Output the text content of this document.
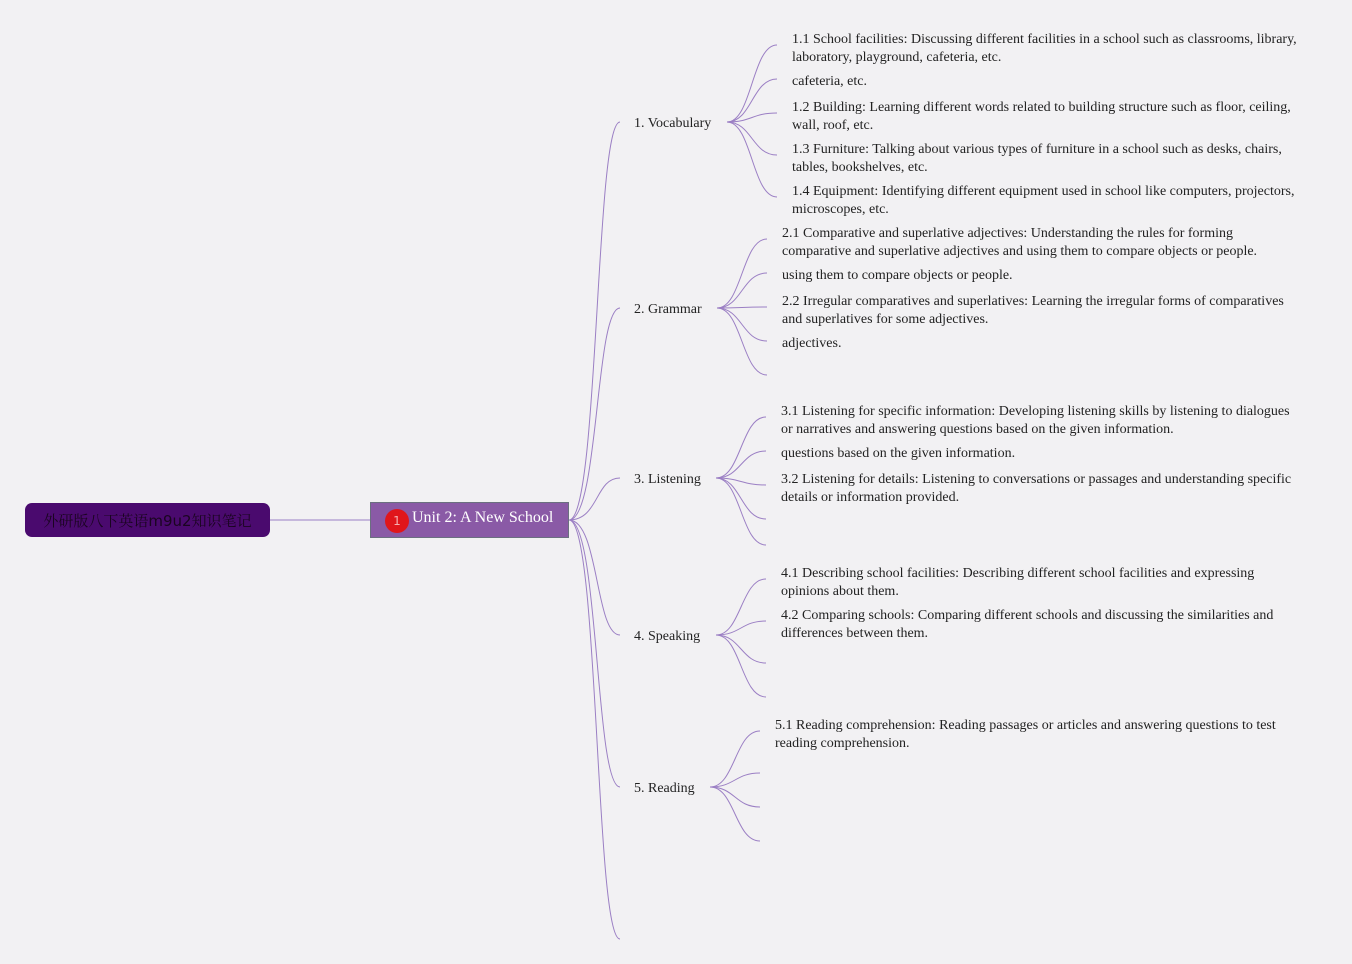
外研版八下英语m9u2知识笔记	1 Unit 2: A New School
1. Vocabulary
1.1 School facilities: Discussing different facilities in a school such as classrooms, library, laboratory, playground, cafeteria, etc.
cafeteria, etc.
1.2 Building: Learning different words related to building structure such as floor, ceiling, wall, roof, etc.
1.3 Furniture: Talking about various types of furniture in a school such as desks, chairs, tables, bookshelves, etc.
1.4 Equipment: Identifying different equipment used in school like computers, projectors, microscopes, etc.
2. Grammar
2.1 Comparative and superlative adjectives: Understanding the rules for forming comparative and superlative adjectives and using them to compare objects or people.
using them to compare objects or people.
2.2 Irregular comparatives and superlatives: Learning the irregular forms of comparatives and superlatives for some adjectives.
adjectives.
3. Listening
3.1 Listening for specific information: Developing listening skills by listening to dialogues or narratives and answering questions based on the given information.
questions based on the given information.
3.2 Listening for details: Listening to conversations or passages and understanding specific details or information provided.
4. Speaking
4.1 Describing school facilities: Describing different school facilities and expressing opinions about them.
4.2 Comparing schools: Comparing different schools and discussing the similarities and differences between them.
5. Reading
5.1 Reading comprehension: Reading passages or articles and answering questions to test reading comprehension.
